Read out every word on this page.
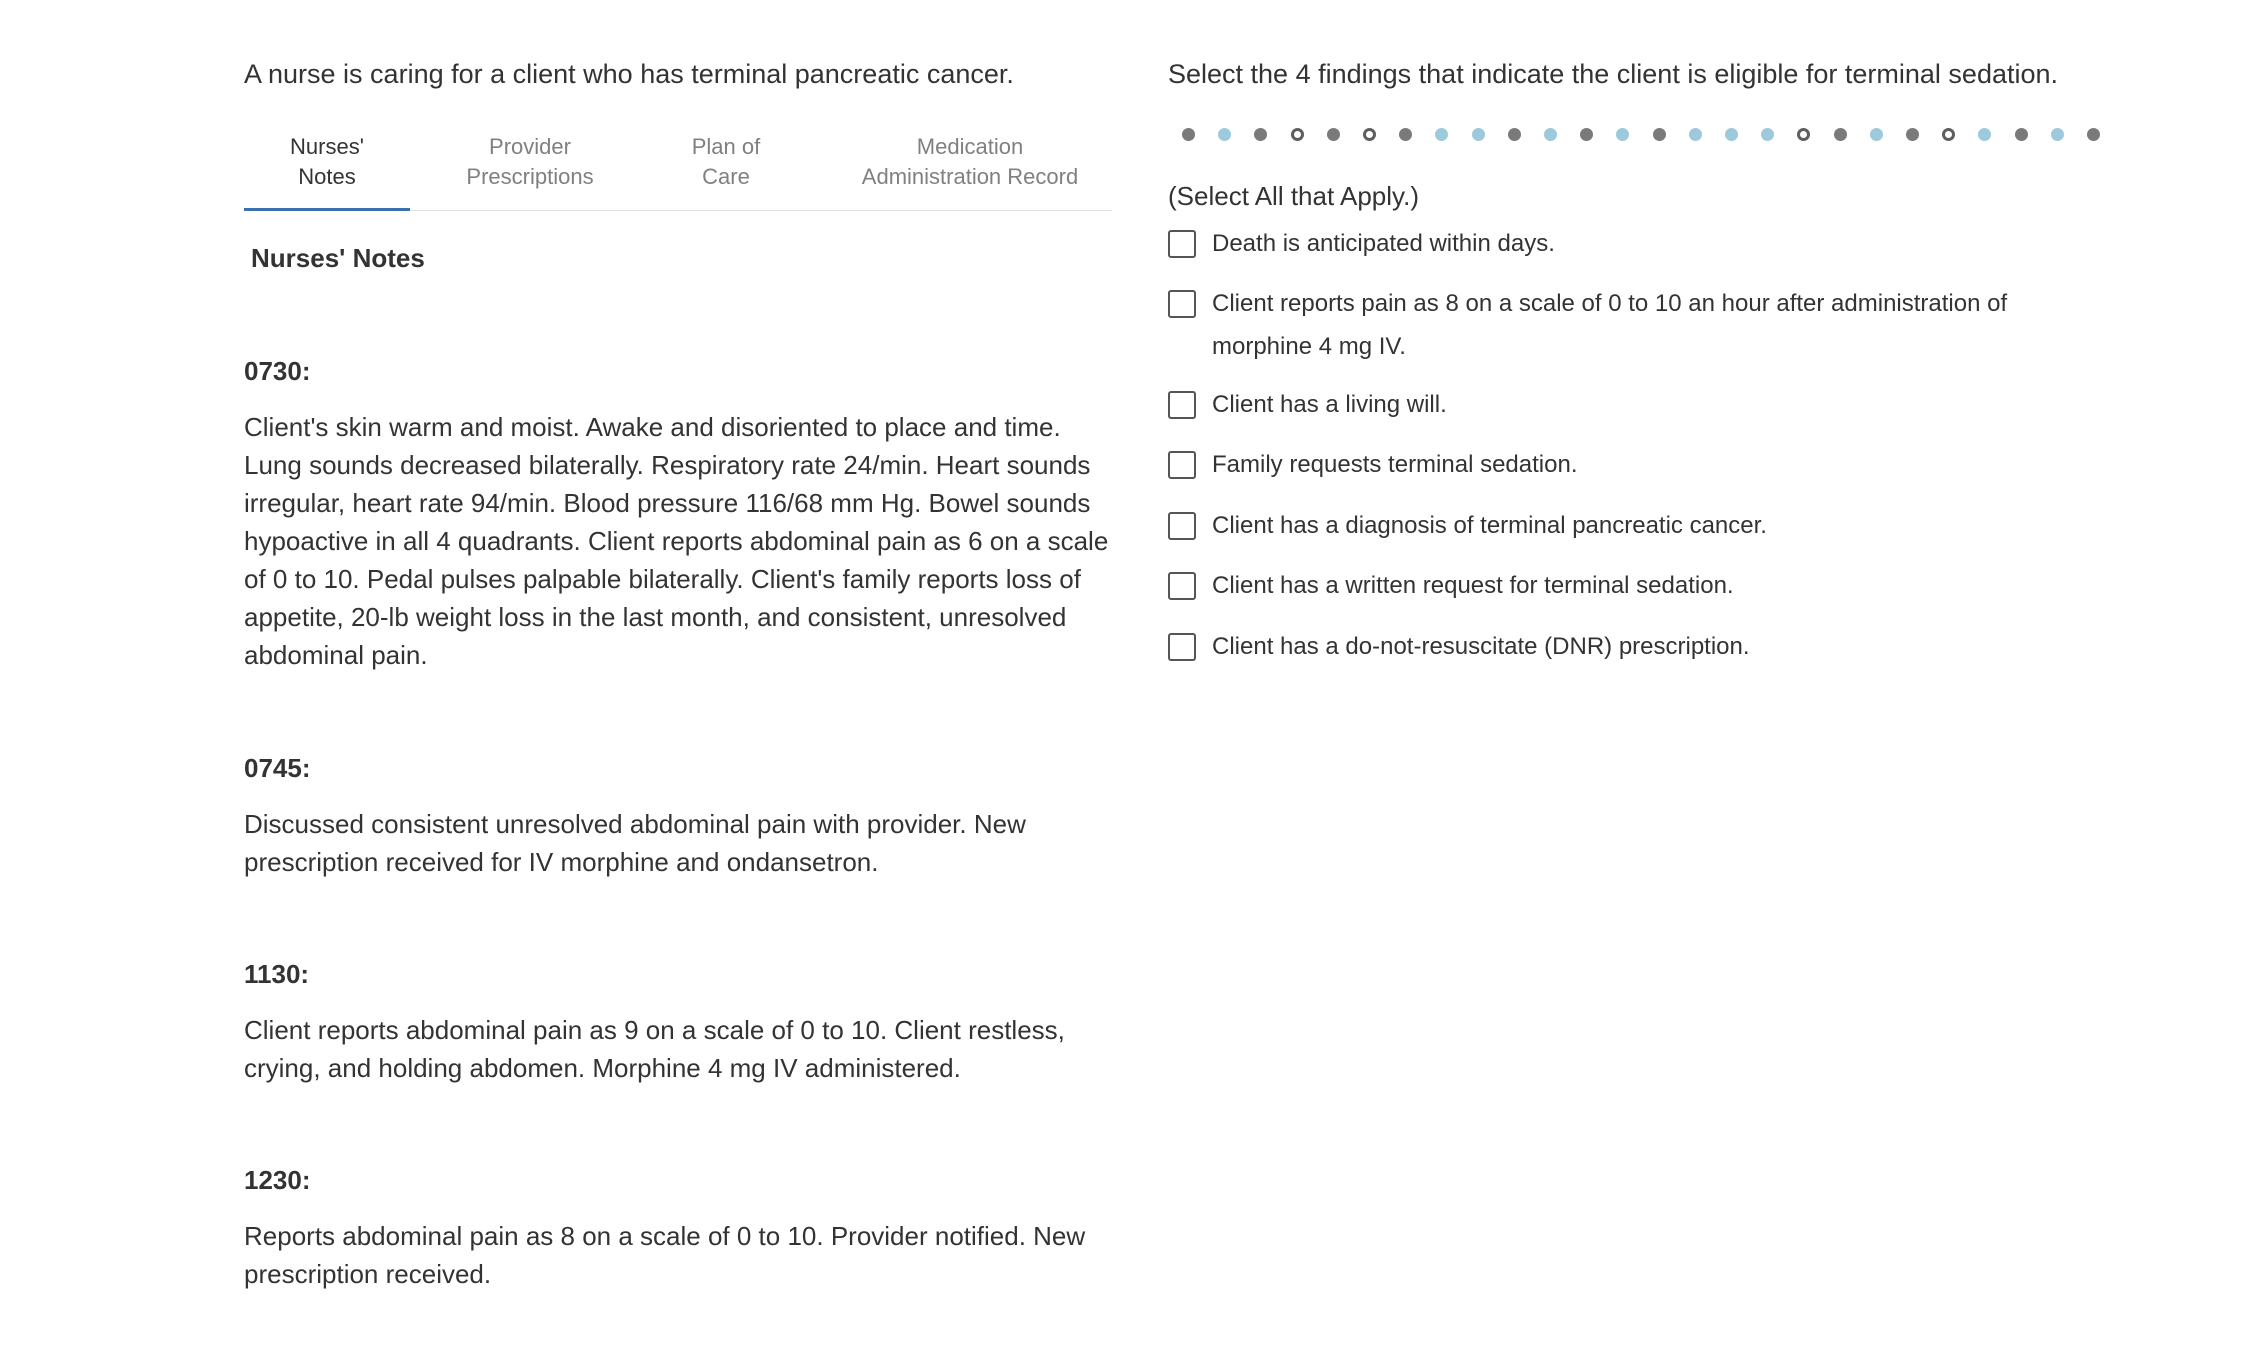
A nurse is caring for a client who has terminal pancreatic cancer.
Nurses'
Notes
Provider
Prescriptions
Plan of
Care
Medication
Administration Record
Nurses' Notes
0730:
Client's skin warm and moist. Awake and disoriented to place and time. Lung sounds decreased bilaterally. Respiratory rate 24/min. Heart sounds irregular, heart rate 94/min. Blood pressure 116/68 mm Hg. Bowel sounds hypoactive in all 4 quadrants. Client reports abdominal pain as 6 on a scale of 0 to 10. Pedal pulses palpable bilaterally. Client's family reports loss of appetite, 20-lb weight loss in the last month, and consistent, unresolved abdominal pain.
0745:
Discussed consistent unresolved abdominal pain with provider. New prescription received for IV morphine and ondansetron.
1130:
Client reports abdominal pain as 9 on a scale of 0 to 10. Client restless, crying, and holding abdomen. Morphine 4 mg IV administered.
1230:
Reports abdominal pain as 8 on a scale of 0 to 10. Provider notified. New prescription received.
Select the 4 findings that indicate the client is eligible for terminal sedation.
(Select All that Apply.)
Death is anticipated within days.
Client reports pain as 8 on a scale of 0 to 10 an hour after administration of morphine 4 mg IV.
Client has a living will.
Family requests terminal sedation.
Client has a diagnosis of terminal pancreatic cancer.
Client has a written request for terminal sedation.
Client has a do-not-resuscitate (DNR) prescription.
